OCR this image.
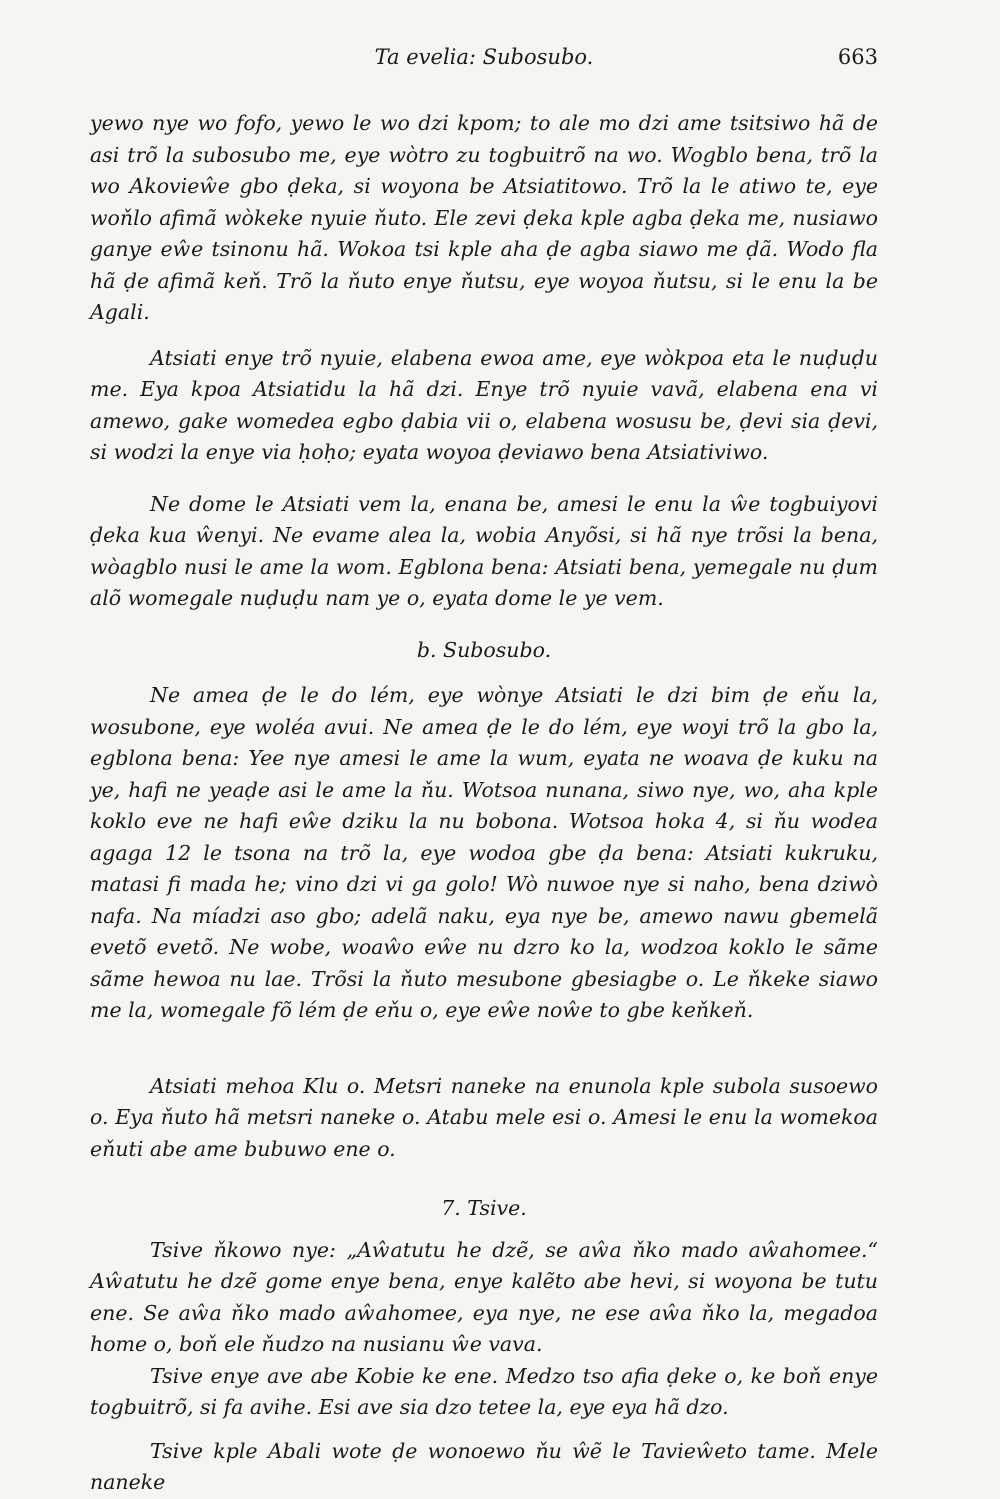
Ta evelia: Subosubo.	663

yewo nye wo fofo, yewo le wo dzi kpom; to ale mo dzi ame tsitsiwo hã de asi trõ la subosubo me, eye wòtro zu togbuitrõ na wo. Wogblo bena, trõ la wo Akovieŵe gbo ḍeka, si woyona be Atsiatitowo. Trõ la le atiwo te, eye woňlo afimã wòkeke nyuie ňuto. Ele zevi ḍeka kple agba ḍeka me, nusiawo ganye eŵe tsinonu hã. Wokoa tsi kple aha ḍe agba siawo me ḍã. Wodo fla hã ḍe afimã keň. Trõ la ňuto enye ňutsu, eye woyoa ňutsu, si le enu la be Agali.

Atsiati enye trõ nyuie, elabena ewoa ame, eye wòkpoa eta le nuḍuḍu me. Eya kpoa Atsiatidu la hã dzi. Enye trõ nyuie vavã, elabena ena vi amewo, gake womedea egbo ḍabia vii o, elabena wosusu be, ḍevi sia ḍevi, si wodzi la enye via ḥoḥo; eyata woyoa ḍeviawo bena Atsiativiwo.

Ne dome le Atsiati vem la, enana be, amesi le enu la ŵe togbuiyovi ḍeka kua ŵenyi. Ne evame alea la, wobia Anyõsi, si hã nye trõsi la bena, wòagblo nusi le ame la wom. Egblona bena: Atsiati bena, yemegale nu ḍum alõ womegale nuḍuḍu nam ye o, eyata dome le ye vem.

b. Subosubo.

Ne amea ḍe le do lém, eye wònye Atsiati le dzi bim ḍe eňu la, wosubone, eye woléa avui. Ne amea ḍe le do lém, eye woyi trõ la gbo la, egblona bena: Yee nye amesi le ame la wum, eyata ne woava ḍe kuku na ye, hafi ne yeaḍe asi le ame la ňu. Wotsoa nunana, siwo nye, wo, aha kple koklo eve ne hafi eŵe dziku la nu bobona. Wotsoa hoka 4, si ňu wodea agaga 12 le tsona na trõ la, eye wodoa gbe ḍa bena: Atsiati kukruku, matasi fi mada he; vino dzi vi ga golo! Wò nuwoe nye si naho, bena dziwò nafa. Na míadzi aso gbo; adelã naku, eya nye be, amewo nawu gbemelã evetõ evetõ. Ne wobe, woaŵo eŵe nu dzro ko la, wodzoa koklo le sãme sãme hewoa nu lae. Trõsi la ňuto mesubone gbesiagbe o. Le ňkeke siawo me la, womegale fõ lém ḍe eňu o, eye eŵe noŵe to gbe keňkeň.

Atsiati mehoa Klu o. Metsri naneke na enunola kple subola susoewo o. Eya ňuto hã metsri naneke o. Atabu mele esi o. Amesi le enu la womekoa eňuti abe ame bubuwo ene o.

7. Tsive.

Tsive ňkowo nye: „Aŵatutu he dzẽ, se aŵa ňko mado aŵahomee.“ Aŵatutu he dzẽ gome enye bena, enye kalẽto abe hevi, si woyona be tutu ene. Se aŵa ňko mado aŵahomee, eya nye, ne ese aŵa ňko la, megadoa home o, boň ele ňudzo na nusianu ŵe vava.

Tsive enye ave abe Kobie ke ene. Medzo tso afia ḍeke o, ke boň enye togbuitrõ, si fa avihe. Esi ave sia dzo tetee la, eye eya hã dzo.

Tsive kple Abali wote ḍe wonoewo ňu ŵẽ le Tavieŵeto tame. Mele naneke
